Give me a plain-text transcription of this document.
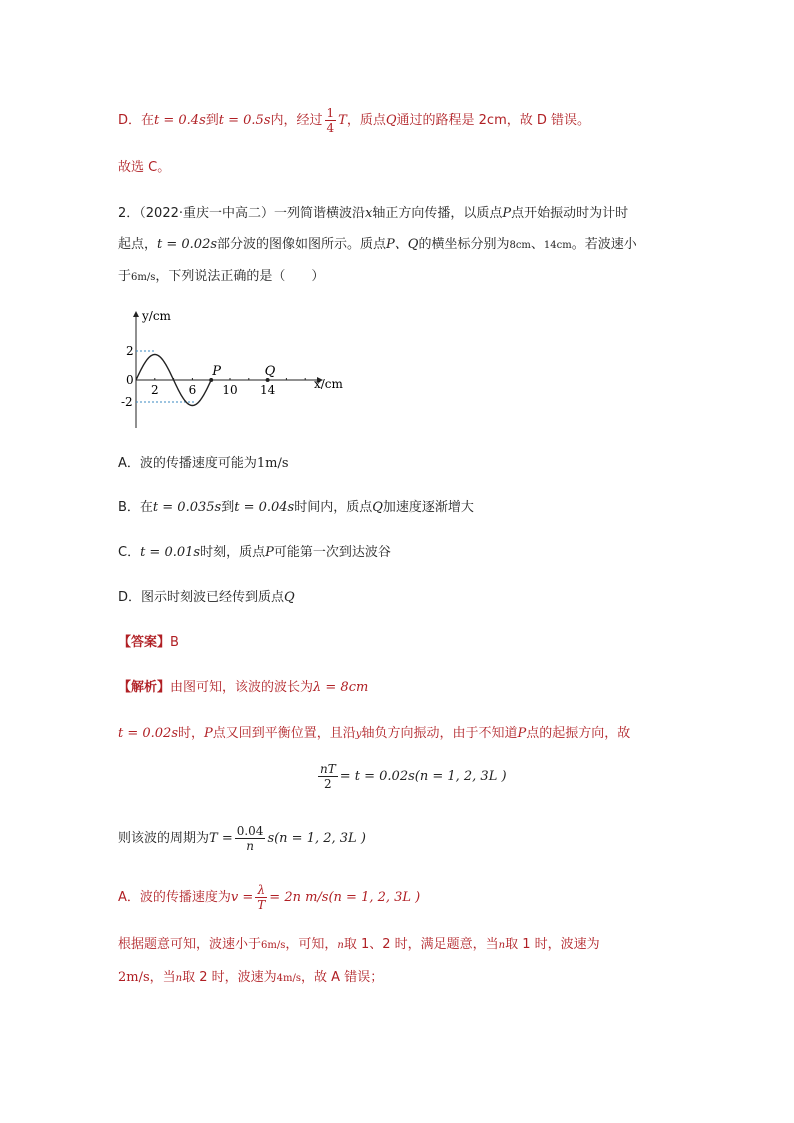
D．在t = 0.4s到t = 0.5s内，经过 $\frac{1}{4}$ T，质点Q通过的路程是 2cm，故 D 错误。
故选 C。
2．（2022·重庆一中高二）一列简谐横波沿x轴正方向传播，以质点P点开始振动时为计时
起点，t = 0.02s部分波的图像如图所示。质点P、Q的横坐标分别为8cm、14cm。若波速小
于6m/s，下列说法正确的是（　　）
y/cm
x/cm
2
0
-2
2 6 10 14
P	Q
A．波的传播速度可能为1m/s
B．在t = 0.035s到t = 0.04s时间内，质点Q加速度逐渐增大
C．t = 0.01s时刻，质点P可能第一次到达波谷
D．图示时刻波已经传到质点Q
【答案】B
【解析】由图可知，该波的波长为λ = 8cm
t = 0.02s时，P点又回到平衡位置，且沿y轴负方向振动，由于不知道P点的起振方向，故
$\frac{nT}{2} = t = 0.02s(n = 1$, 2, 3L )
则该波的周期为$T = \frac{0.04}{n} s(n = 1$, 2, 3L )
A．波的传播速度为$v = \frac{\lambda}{T} = 2n$ m/s(n = 1, 2, 3L )
根据题意可知，波速小于6m/s，可知，n取 1、2 时，满足题意，当n取 1 时，波速为
2m/s，当n取 2 时，波速为4m/s，故 A 错误；
